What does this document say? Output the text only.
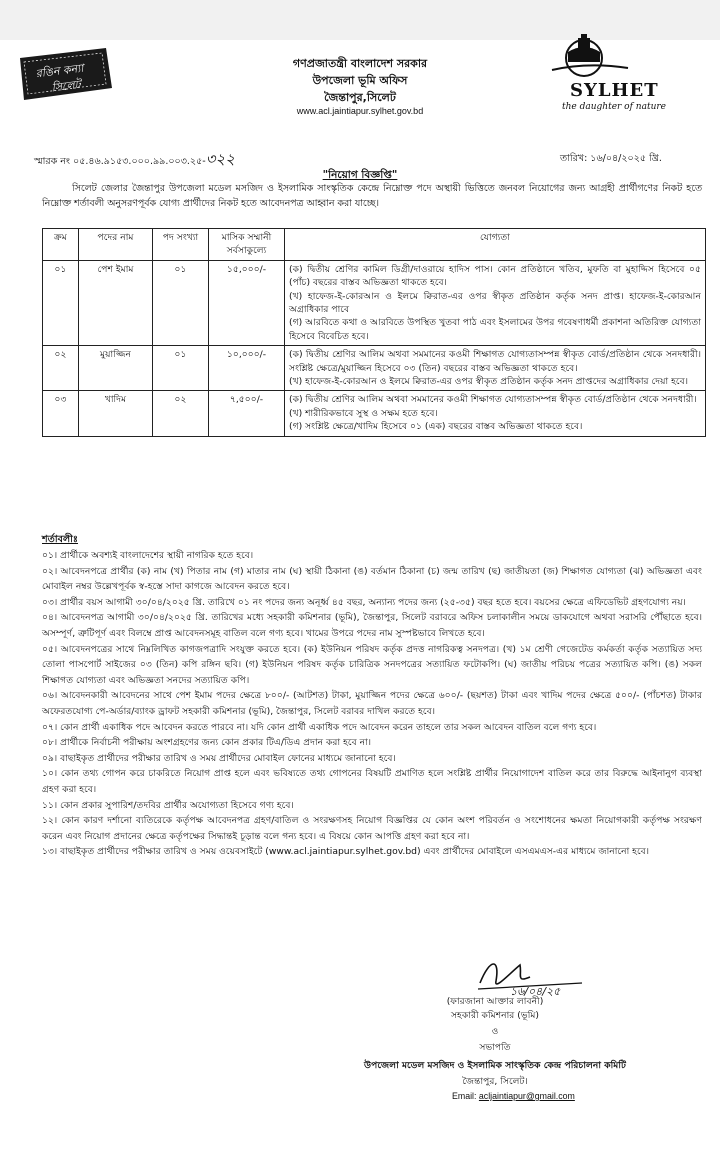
রঙিন কন্যা
সিলেট
গণপ্রজাতন্ত্রী বাংলাদেশ সরকার
উপজেলা ভূমি অফিস
জৈন্তাপুর,সিলেট
www.acl.jaintiapur.sylhet.gov.bd
SYLHET
the daughter of nature
স্মারক নং ০৫.৪৬.৯১৫৩.০০০.৯৯.০০৩.২৫-৩২২	তারিখ: ১৬/০৪/২০২৫ খ্রি.
"নিয়োগ বিজ্ঞপ্তি"
সিলেট জেলার জৈন্তাপুর উপজেলা মডেল মসজিদ ও ইসলামিক সাংস্কৃতিক কেন্দ্রে নিম্নোক্ত পদে অস্থায়ী ভিত্তিতে জনবল নিয়োগের জন্য আগ্রহী প্রার্থীগণের নিকট হতে নিম্নোক্ত শর্তাবলী অনুসরণপূর্বক যোগ্য প্রার্থীদের নিকট হতে আবেদনপত্র আহ্বান করা যাচ্ছে।
ক্রম	পদের নাম	পদ সংখ্যা	মাসিক সম্মানী সর্বসাকুল্যে	যোগ্যতা
০১	পেশ ইমাম	০১	১৫,০০০/-	(ক) দ্বিতীয় শ্রেণির কামিল ডিগ্রী/দাওরায়ে হাদিস পাস। কোন প্রতিষ্ঠানে খতিব, মুফতি বা মুহাদ্দিস হিসেবে ০৫ (পাঁচ) বছরের বাস্তব অভিজ্ঞতা থাকতে হবে।
(খ) হাফেজ-ই-কোরআন ও ইলমে ক্বিরাত-এর ওপর স্বীকৃত প্রতিষ্ঠান কর্তৃক সনদ প্রাপ্ত। হাফেজ-ই-কোরআন অগ্রাধিকার পাবে
(গ) আরবিতে কথা ও আরবিতে উপস্থিত খুতবা পাঠ এবং ইসলামের উপর গবেষণাধর্মী প্রকাশনা অতিরিক্ত যোগ্যতা হিসেবে বিবেচিত হবে।

০২	মুয়াজ্জিন	০১	১০,০০০/-	(ক) দ্বিতীয় শ্রেণির আলিম অথবা সমমানের কওমী শিক্ষাগত যোগ্যতাসম্পন্ন স্বীকৃত বোর্ড/প্রতিষ্ঠান থেকে সনদধারী। সংশ্লিষ্ট ক্ষেত্রে/মুয়াজ্জিন হিসেবে ০৩ (তিন) বছরের বাস্তব অভিজ্ঞতা থাকতে হবে।
(খ) হাফেজ-ই-কোরআন ও ইলমে ক্বিরাত-এর ওপর স্বীকৃত প্রতিষ্ঠান কর্তৃক সনদ প্রাপ্তদের অগ্রাধিকার দেয়া হবে।

০৩	খাদিম	০২	৭,৫০০/-	(ক) দ্বিতীয় শ্রেণির আলিম অথবা সমমানের কওমী শিক্ষাগত যোগ্যতাসম্পন্ন স্বীকৃত বোর্ড/প্রতিষ্ঠান থেকে সনদধারী।
(খ) শারীরিকভাবে সুস্থ ও সক্ষম হতে হবে।
(গ) সংশ্লিষ্ট ক্ষেত্রে/খাদিম হিসেবে ০১ (এক) বছরের বাস্তব অভিজ্ঞতা থাকতে হবে।
শর্তাবলীঃ

০১। প্রার্থীকে অবশ্যই বাংলাদেশের স্থায়ী নাগরিক হতে হবে।

০২। আবেদনপত্রে প্রার্থীর (ক) নাম (খ) পিতার নাম (গ) মাতার নাম (ঘ) স্থায়ী ঠিকানা (ঙ) বর্তমান ঠিকানা (চ) জন্ম তারিখ (ছ) জাতীয়তা (জ) শিক্ষাগত যোগ্যতা (ঝ) অভিজ্ঞতা এবং মোবাইল নম্বর উল্লেখপূর্বক স্ব-হস্তে সাদা কাগজে আবেদন করতে হবে।

০৩। প্রার্থীর বয়স আগামী ৩০/০৪/২০২৫ খ্রি. তারিখে ০১ নং পদের জন্য অনূর্ধ্ব ৪৫ বছর, অন্যান্য পদের জন্য (২৫-৩৫) বছর হতে হবে। বয়সের ক্ষেত্রে এফিডেভিট গ্রহণযোগ্য নয়।

০৪। আবেদনপত্র আগামী ৩০/০৪/২০২৫ খ্রি. তারিখের মধ্যে সহকারী কমিশনার (ভূমি), জৈন্তাপুর, সিলেট বরাবরে অফিস চলাকালীন সময়ে ডাকযোগে অথবা সরাসরি পৌঁছাতে হবে। অসম্পূর্ণ, ত্রুটিপূর্ণ এবং বিলম্বে প্রাপ্ত আবেদনসমূহ বাতিল বলে গণ্য হবে। খামের উপরে পদের নাম সুস্পষ্টভাবে লিখতে হবে।

০৫। আবেদনপত্রের সাথে নিম্নলিখিত কাগজপত্রাদি সংযুক্ত করতে হবে। (ক) ইউনিয়ন পরিষদ কর্তৃক প্রদত্ত নাগরিকত্ব সনদপত্র। (খ) ১ম শ্রেণী গেজেটেড কর্মকর্তা কর্তৃক সত্যায়িত সদ্য তোলা পাসপোর্ট সাইজের ০৩ (তিন) কপি রঙ্গিন ছবি। (গ) ইউনিয়ন পরিষদ কর্তৃক চারিত্রিক সনদপত্রের সত্যায়িত ফটোকপি। (ঘ) জাতীয় পরিচয় পত্রের সত্যায়িত কপি। (ঙ) সকল শিক্ষাগত যোগ্যতা এবং অভিজ্ঞতা সনদের সত্যায়িত কপি।

০৬। আবেদনকারী আবেদনের সাথে পেশ ইমাম পদের ক্ষেত্রে ৮০০/- (আটশত) টাকা, মুয়াজ্জিন পদের ক্ষেত্রে ৬০০/- (ছয়শত) টাকা এবং খাদিম পদের ক্ষেত্রে ৫০০/- (পাঁচশত) টাকার অফেরতযোগ্য পে-অর্ডার/ব্যাংক ড্রাফট সহকারী কমিশনার (ভূমি), জৈন্তাপুর, সিলেট বরাবর দাখিল করতে হবে।

০৭। কোন প্রার্থী একাধিক পদে আবেদন করতে পারবে না। যদি কোন প্রার্থী একাধিক পদে আবেদন করেন তাহলে তার সকল আবেদন বাতিল বলে গণ্য হবে।

০৮। প্রার্থীকে নির্বাচনী পরীক্ষায় অংশগ্রহণের জন্য কোন প্রকার টিএ/ডিএ প্রদান করা হবে না।

০৯। বাছাইকৃত প্রার্থীদের পরীক্ষার তারিখ ও সময় প্রার্থীদের মোবাইল ফোনের মাধ্যমে জানানো হবে।

১০। কোন তথ্য গোপন করে চাকরিতে নিয়োগ প্রাপ্ত হলে এবং ভবিষ্যতে তথ্য গোপনের বিষয়টি প্রমাণিত হলে সংশ্লিষ্ট প্রার্থীর নিয়োগাদেশ বাতিল করে তার বিরুদ্ধে আইনানুগ ব্যবস্থা গ্রহণ করা হবে।

১১। কোন প্রকার সুপারিশ/তদবির প্রার্থীর অযোগ্যতা হিসেবে গণ্য হবে।

১২। কোন কারণ দর্শানো ব্যতিরেকে কর্তৃপক্ষ আবেদনপত্র গ্রহণ/বাতিল ও সংরক্ষণসহ নিয়োগ বিজ্ঞপ্তির যে কোন অংশ পরিবর্তন ও সংশোধনের ক্ষমতা নিয়োগকারী কর্তৃপক্ষ সংরক্ষণ করেন এবং নিয়োগ প্রদানের ক্ষেত্রে কর্তৃপক্ষের সিদ্ধান্তই চূড়ান্ত বলে গন্য হবে। এ বিষয়ে কোন আপত্তি গ্রহণ করা হবে না।

১৩। বাছাইকৃত প্রার্থীদের পরীক্ষার তারিখ ও সময় ওয়েবসাইটে (www.acl.jaintiapur.sylhet.gov.bd) এবং প্রার্থীদের মোবাইলে এসএমএস-এর মাধ্যমে জানানো হবে।

১৬/০৪/২৫
(ফারজানা আক্তার লাবনী)
সহকারী কমিশনার (ভূমি)
ও
সভাপতি
উপজেলা মডেল মসজিদ ও ইসলামিক সাংস্কৃতিক কেন্দ্র পরিচালনা কমিটি
জৈন্তাপুর, সিলেট।
Email: acljaintiapur@gmail.com
